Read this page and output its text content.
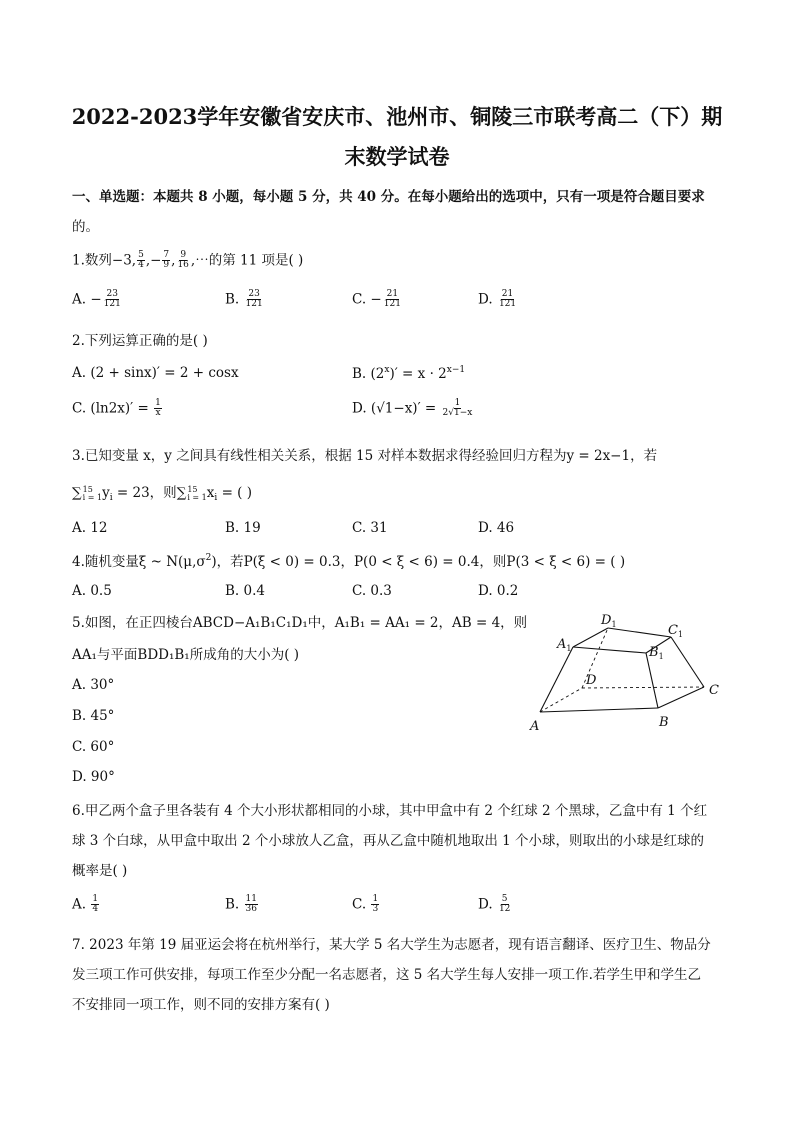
2022-2023学年安徽省安庆市、池州市、铜陵三市联考高二（下）期
末数学试卷
一、单选题：本题共 8 小题，每小题 5 分，共 40 分。在每小题给出的选项中，只有一项是符合题目要求
的。
1.数列−3, $\frac{5}{4}$ ,− $\frac{7}{9}$ , $\frac{9}{16}$ ,⋯的第 11 项是( )
A. − $\frac{23}{121}$	B. $\frac{23}{121}$	C. − $\frac{21}{121}$	D. $\frac{21}{121}$
2.下列运算正确的是( )
A. (2 + sinx)′ = 2 + cosx	B. $(2^x)' = x \cdot 2^{x-1}$
C. $(\ln 2x)' = \frac{1}{x}$	D. $(√1-x)' = \frac{1}{2√1-x}$
3.已知变量 x，y 之间具有线性相关关系，根据 15 对样本数据求得经验回归方程为y = 2x−1，若
∑ 15
i = 1 $y_i = 23$，则∑ 15
i = 1 $x_i$ = ( )
A. 12	B. 19	C. 31	D. 46
4.随机变量ξ ~ $N(\mu,\sigma^2)$，若P(ξ < 0) = 0.3，P(0 < ξ < 6) = 0.4，则P(3 < ξ < 6) = ( )
A. 0.5	B. 0.4	C. 0.3	D. 0.2
5.如图，在正四棱台ABCD−A₁B₁C₁D₁中，A₁B₁ = AA₁ = 2，AB = 4，则
AA₁与平面BDD₁B₁所成角的大小为( )
A. 30°
B. 45°
C. 60°
D. 90°
A	B
C
D
$A_1$	$B_1$
$C_1$
$D_1$
6.甲乙两个盒子里各装有 4 个大小形状都相同的小球，其中甲盒中有 2 个红球 2 个黑球，乙盒中有 1 个红
球 3 个白球，从甲盒中取出 2 个小球放人乙盒，再从乙盒中随机地取出 1 个小球，则取出的小球是红球的
概率是( )
A. $\frac{1}{4}$	B. $\frac{11}{36}$	C. $\frac{1}{3}$	D. $\frac{5}{12}$
7. 2023 年第 19 届亚运会将在杭州举行，某大学 5 名大学生为志愿者，现有语言翻译、医疗卫生、物品分
发三项工作可供安排，每项工作至少分配一名志愿者，这 5 名大学生每人安排一项工作.若学生甲和学生乙
不安排同一项工作，则不同的安排方案有( )
